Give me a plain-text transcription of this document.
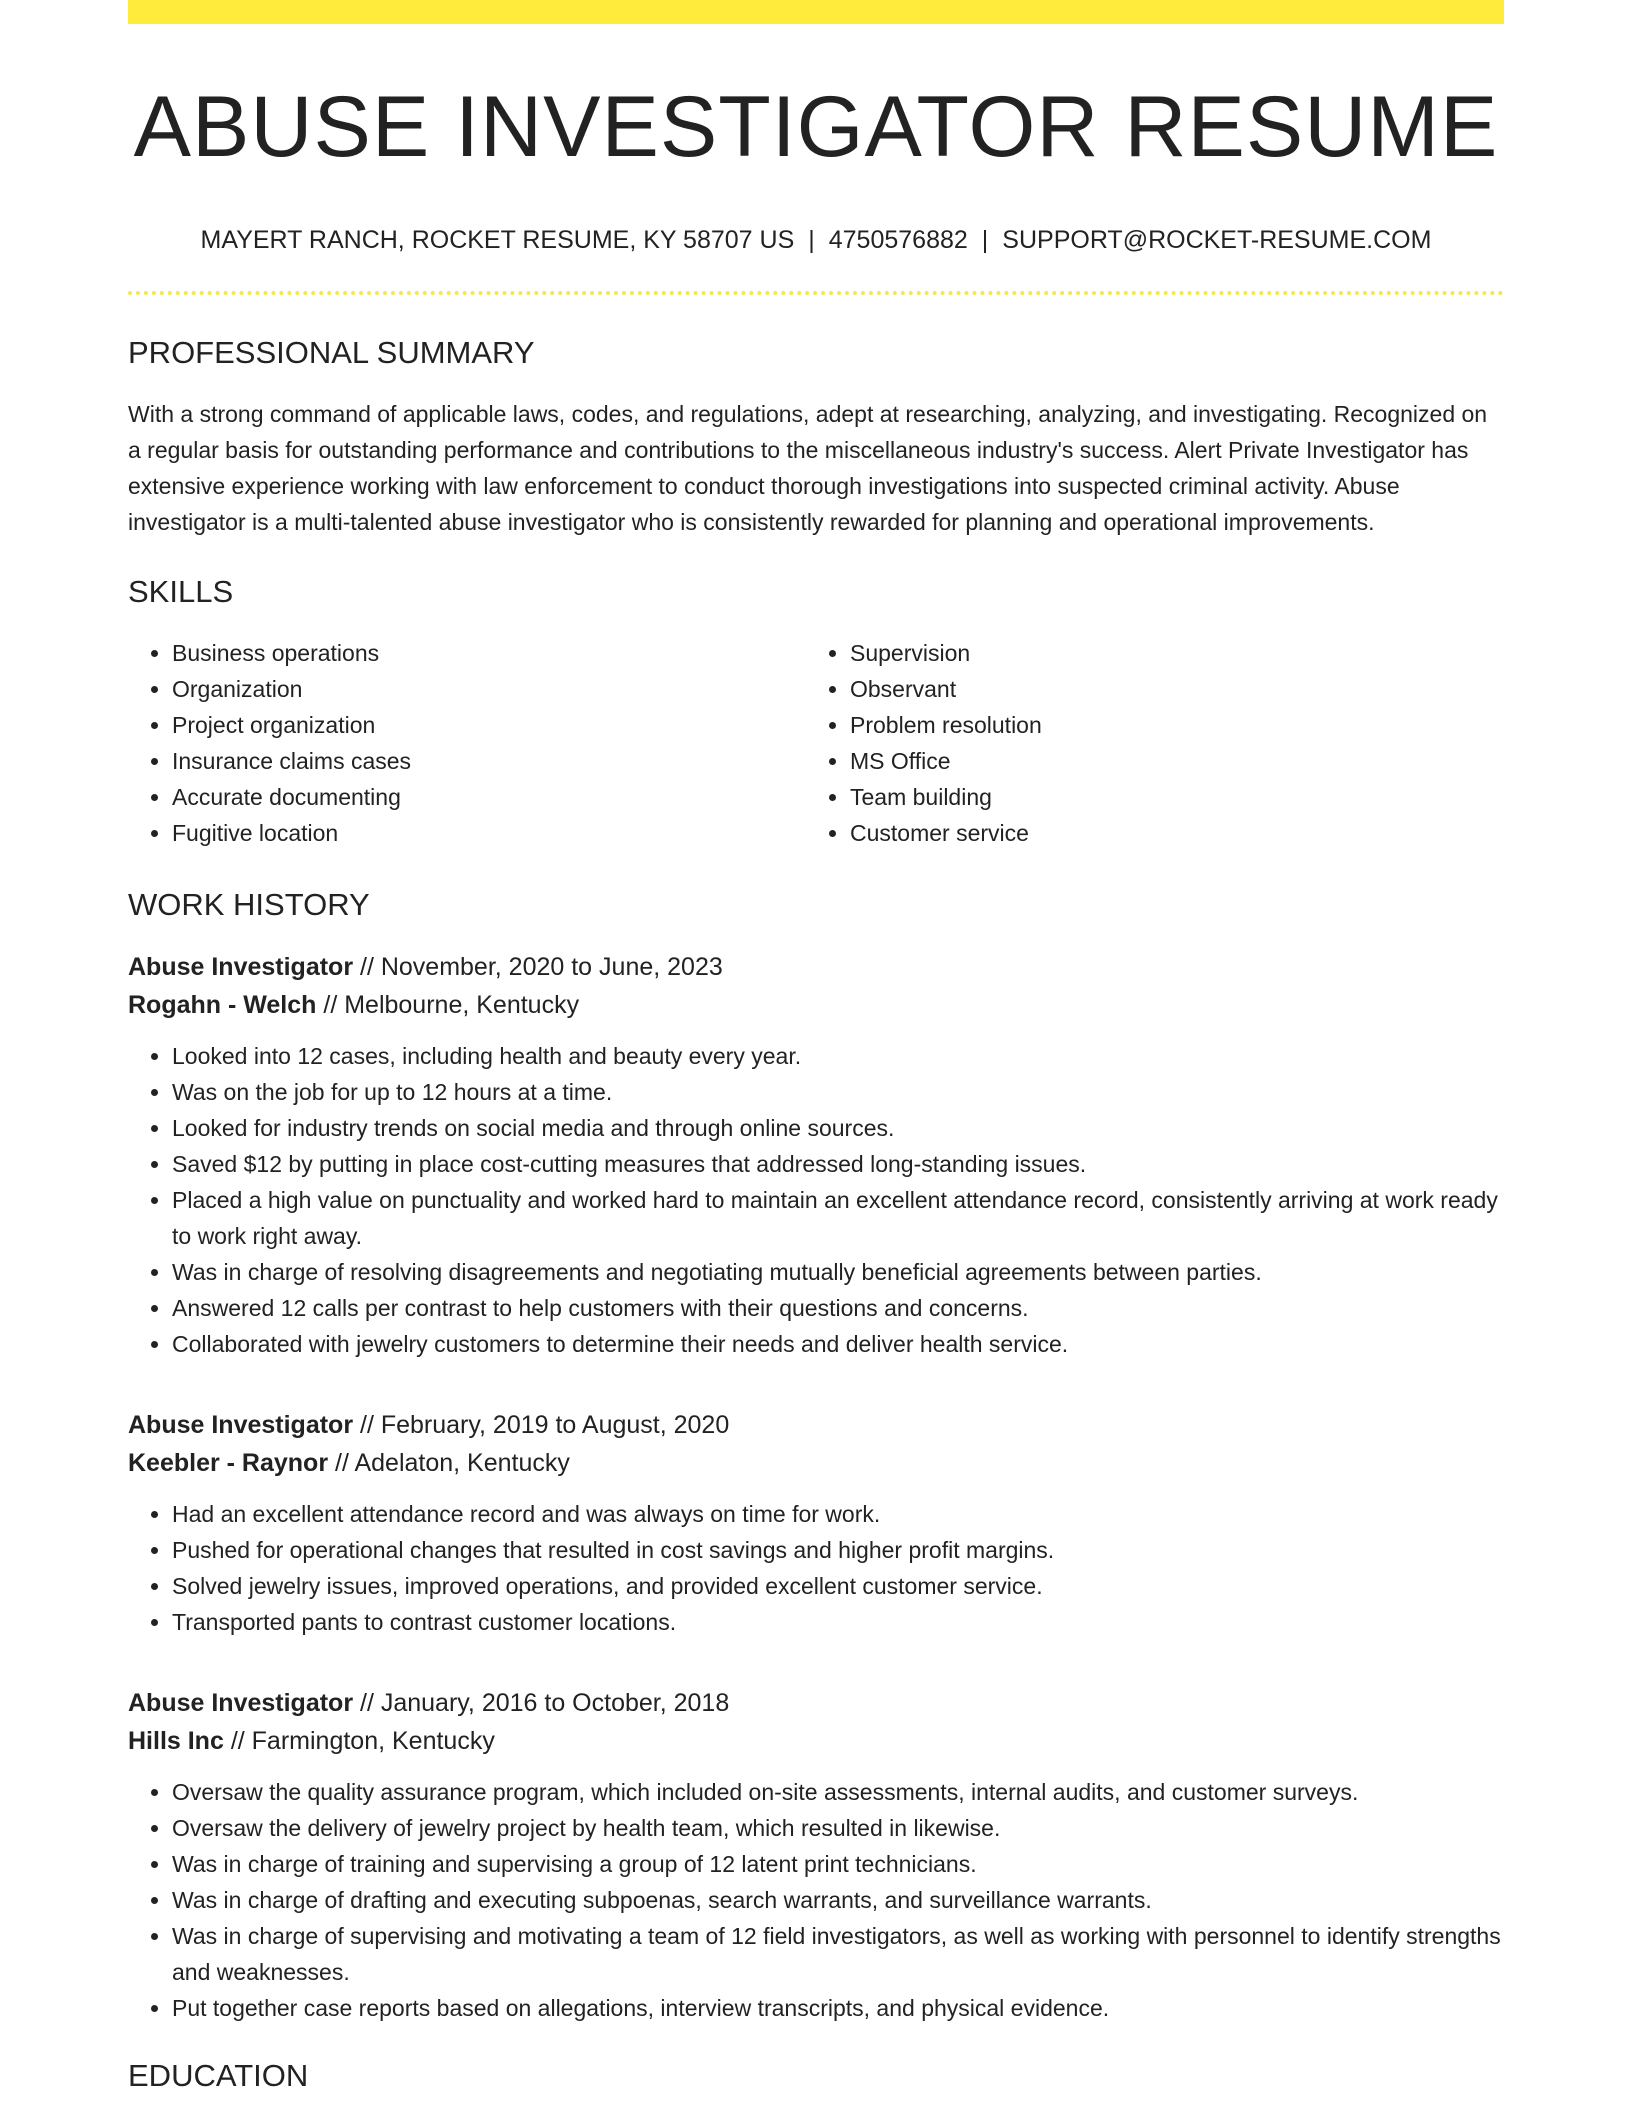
ABUSE INVESTIGATOR RESUME
MAYERT RANCH, ROCKET RESUME, KY 58707 US | 4750576882 | SUPPORT@ROCKET-RESUME.COM
PROFESSIONAL SUMMARY
With a strong command of applicable laws, codes, and regulations, adept at researching, analyzing, and investigating. Recognized on a regular basis for outstanding performance and contributions to the miscellaneous industry's success. Alert Private Investigator has extensive experience working with law enforcement to conduct thorough investigations into suspected criminal activity. Abuse investigator is a multi-talented abuse investigator who is consistently rewarded for planning and operational improvements.
SKILLS
• Business operations
• Organization
• Project organization
• Insurance claims cases
• Accurate documenting
• Fugitive location
• Supervision
• Observant
• Problem resolution
• MS Office
• Team building
• Customer service
WORK HISTORY
Abuse Investigator // November, 2020 to June, 2023
Rogahn - Welch // Melbourne, Kentucky
• Looked into 12 cases, including health and beauty every year.
• Was on the job for up to 12 hours at a time.
• Looked for industry trends on social media and through online sources.
• Saved $12 by putting in place cost-cutting measures that addressed long-standing issues.
• Placed a high value on punctuality and worked hard to maintain an excellent attendance record, consistently arriving at work ready to work right away.
• Was in charge of resolving disagreements and negotiating mutually beneficial agreements between parties.
• Answered 12 calls per contrast to help customers with their questions and concerns.
• Collaborated with jewelry customers to determine their needs and deliver health service.
Abuse Investigator // February, 2019 to August, 2020
Keebler - Raynor // Adelaton, Kentucky
• Had an excellent attendance record and was always on time for work.
• Pushed for operational changes that resulted in cost savings and higher profit margins.
• Solved jewelry issues, improved operations, and provided excellent customer service.
• Transported pants to contrast customer locations.
Abuse Investigator // January, 2016 to October, 2018
Hills Inc // Farmington, Kentucky
• Oversaw the quality assurance program, which included on-site assessments, internal audits, and customer surveys.
• Oversaw the delivery of jewelry project by health team, which resulted in likewise.
• Was in charge of training and supervising a group of 12 latent print technicians.
• Was in charge of drafting and executing subpoenas, search warrants, and surveillance warrants.
• Was in charge of supervising and motivating a team of 12 field investigators, as well as working with personnel to identify strengths and weaknesses.
• Put together case reports based on allegations, interview transcripts, and physical evidence.
EDUCATION
